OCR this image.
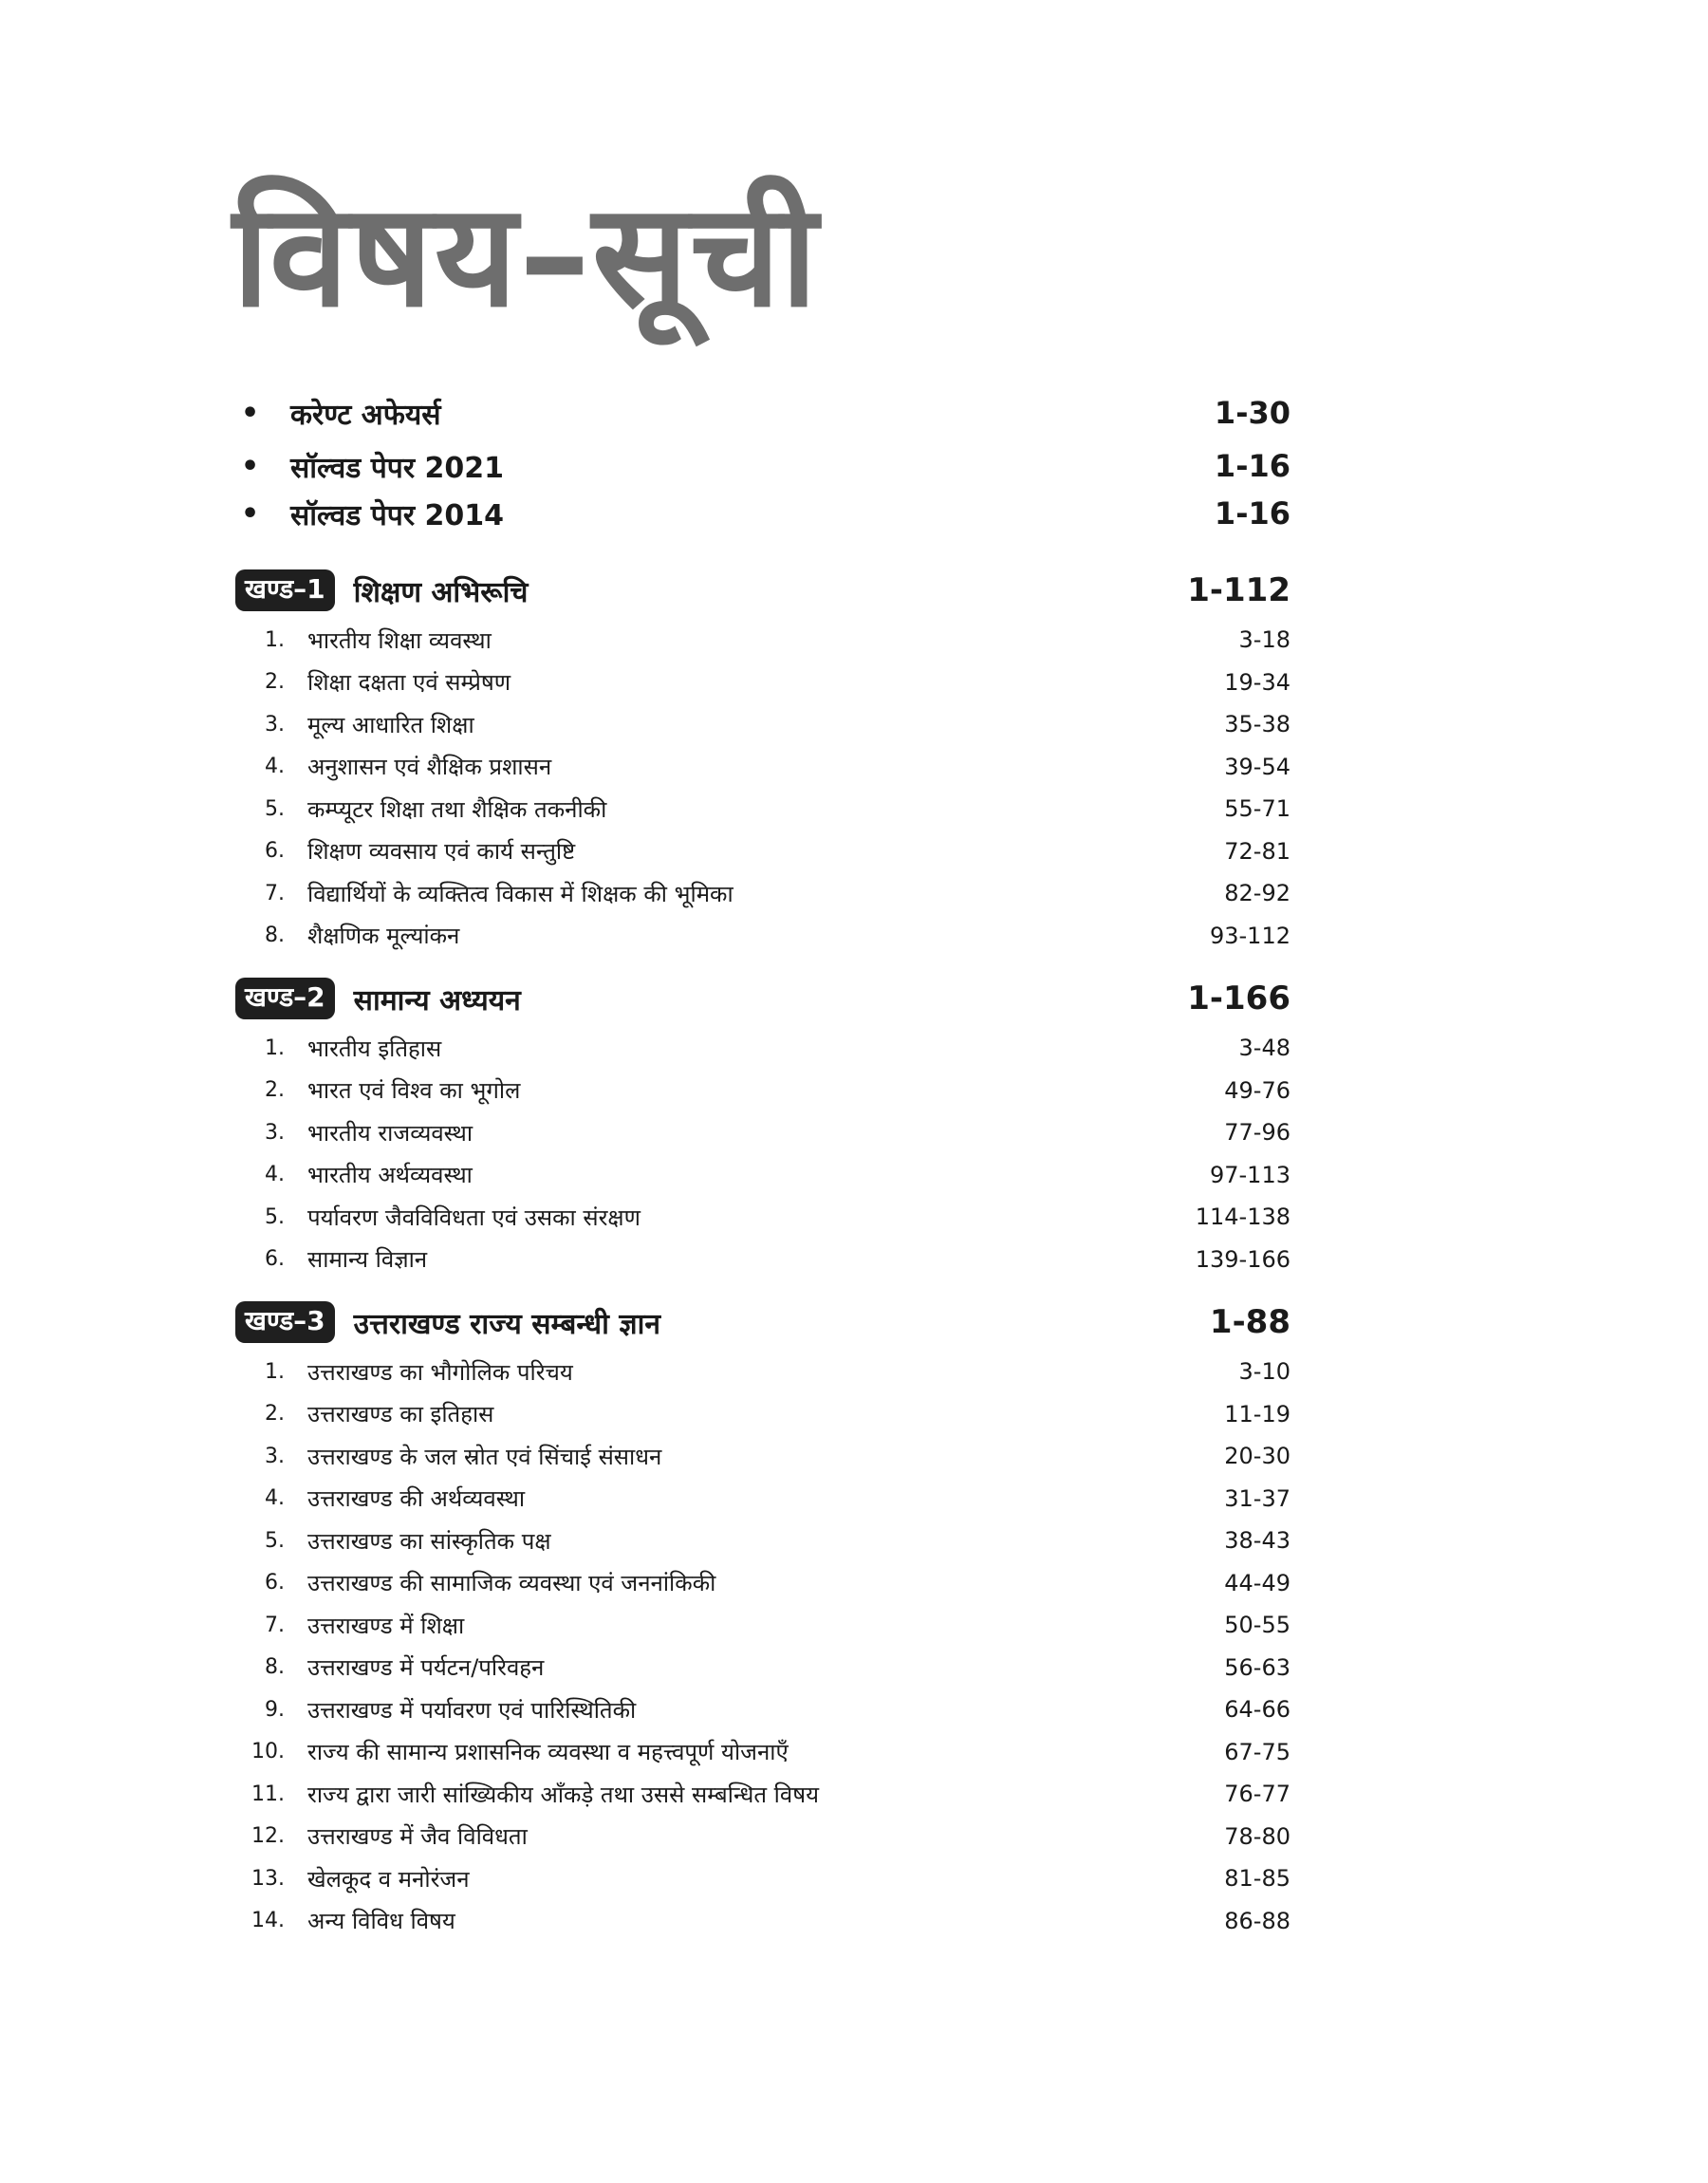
विषय–सूची
•	करेण्ट अफेयर्स	1-30
•	सॉल्वड पेपर 2021	1-16
•	सॉल्वड पेपर 2014	1-16
खण्ड–1	शिक्षण अभिरूचि	1-112
1.	भारतीय शिक्षा व्यवस्था	3-18
2.	शिक्षा दक्षता एवं सम्प्रेषण	19-34
3.	मूल्य आधारित शिक्षा	35-38
4.	अनुशासन एवं शैक्षिक प्रशासन	39-54
5.	कम्प्यूटर शिक्षा तथा शैक्षिक तकनीकी	55-71
6.	शिक्षण व्यवसाय एवं कार्य सन्तुष्टि	72-81
7.	विद्यार्थियों के व्यक्तित्व विकास में शिक्षक की भूमिका	82-92
8.	शैक्षणिक मूल्यांकन	93-112
खण्ड–2	सामान्य अध्ययन	1-166
1.	भारतीय इतिहास	3-48
2.	भारत एवं विश्व का भूगोल	49-76
3.	भारतीय राजव्यवस्था	77-96
4.	भारतीय अर्थव्यवस्था	97-113
5.	पर्यावरण जैवविविधता एवं उसका संरक्षण	114-138
6.	सामान्य विज्ञान	139-166
खण्ड–3	उत्तराखण्ड राज्य सम्बन्धी ज्ञान	1-88
1.	उत्तराखण्ड का भौगोलिक परिचय	3-10
2.	उत्तराखण्ड का इतिहास	11-19
3.	उत्तराखण्ड के जल स्रोत एवं सिंचाई संसाधन	20-30
4.	उत्तराखण्ड की अर्थव्यवस्था	31-37
5.	उत्तराखण्ड का सांस्कृतिक पक्ष	38-43
6.	उत्तराखण्ड की सामाजिक व्यवस्था एवं जननांकिकी	44-49
7.	उत्तराखण्ड में शिक्षा	50-55
8.	उत्तराखण्ड में पर्यटन/परिवहन	56-63
9.	उत्तराखण्ड में पर्यावरण एवं पारिस्थितिकी	64-66
10.	राज्य की सामान्य प्रशासनिक व्यवस्था व महत्त्वपूर्ण योजनाएँ	67-75
11.	राज्य द्वारा जारी सांख्यिकीय आँकड़े तथा उससे सम्बन्धित विषय	76-77
12.	उत्तराखण्ड में जैव विविधता	78-80
13.	खेलकूद व मनोरंजन	81-85
14.	अन्य विविध विषय	86-88
